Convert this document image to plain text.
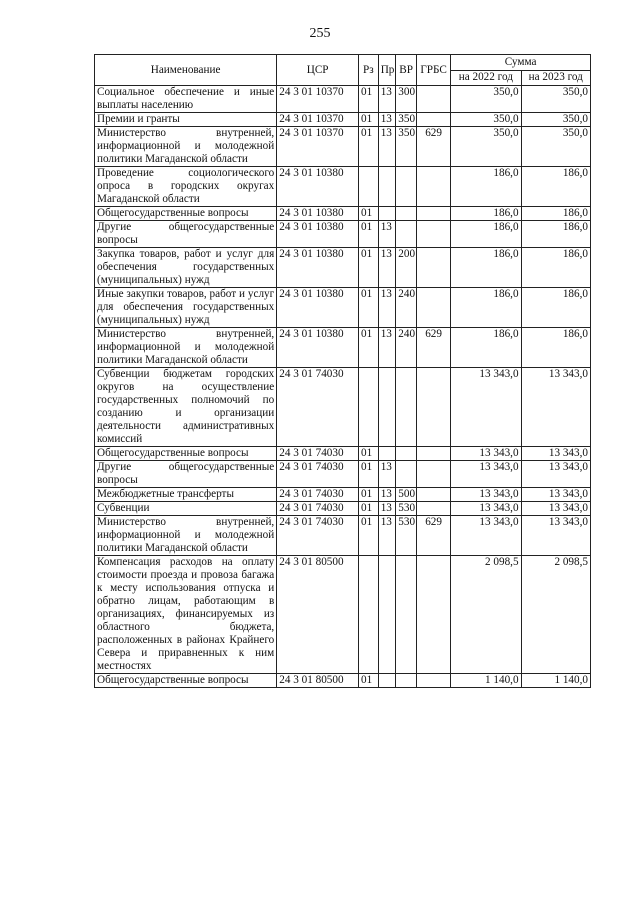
255
Наименование	ЦСР	Рз	Пр	ВР	ГРБС	Сумма	
						на 2022 год	на 2023 год
Социальное обеспечение и иные выплаты населению	24 3 01 10370	01	13	300		350,0	350,0
Премии и гранты	24 3 01 10370	01	13	350		350,0	350,0
Министерство внутренней, информационной и молодежной политики Магаданской области	24 3 01 10370	01	13	350	629	350,0	350,0
Проведение социологического опроса в городских округах Магаданской области	24 3 01 10380					186,0	186,0
Общегосударственные вопросы	24 3 01 10380	01				186,0	186,0
Другие общегосударственные вопросы	24 3 01 10380	01	13			186,0	186,0
Закупка товаров, работ и услуг для обеспечения государственных (муниципальных) нужд	24 3 01 10380	01	13	200		186,0	186,0
Иные закупки товаров, работ и услуг для обеспечения государственных (муниципальных) нужд	24 3 01 10380	01	13	240		186,0	186,0
Министерство внутренней, информационной и молодежной политики Магаданской области	24 3 01 10380	01	13	240	629	186,0	186,0
Субвенции бюджетам городских округов на осуществление государственных полномочий по созданию и организации деятельности административных комиссий	24 3 01 74030					13 343,0	13 343,0
Общегосударственные вопросы	24 3 01 74030	01				13 343,0	13 343,0
Другие общегосударственные вопросы	24 3 01 74030	01	13			13 343,0	13 343,0
Межбюджетные трансферты	24 3 01 74030	01	13	500		13 343,0	13 343,0
Субвенции	24 3 01 74030	01	13	530		13 343,0	13 343,0
Министерство внутренней, информационной и молодежной политики Магаданской области	24 3 01 74030	01	13	530	629	13 343,0	13 343,0
Компенсация расходов на оплату стоимости проезда и провоза багажа к месту использования отпуска и обратно лицам, работающим в организациях, финансируемых из областного бюджета, расположенных в районах Крайнего Севера и приравненных к ним местностях	24 3 01 80500					2 098,5	2 098,5
Общегосударственные вопросы	24 3 01 80500	01				1 140,0	1 140,0
